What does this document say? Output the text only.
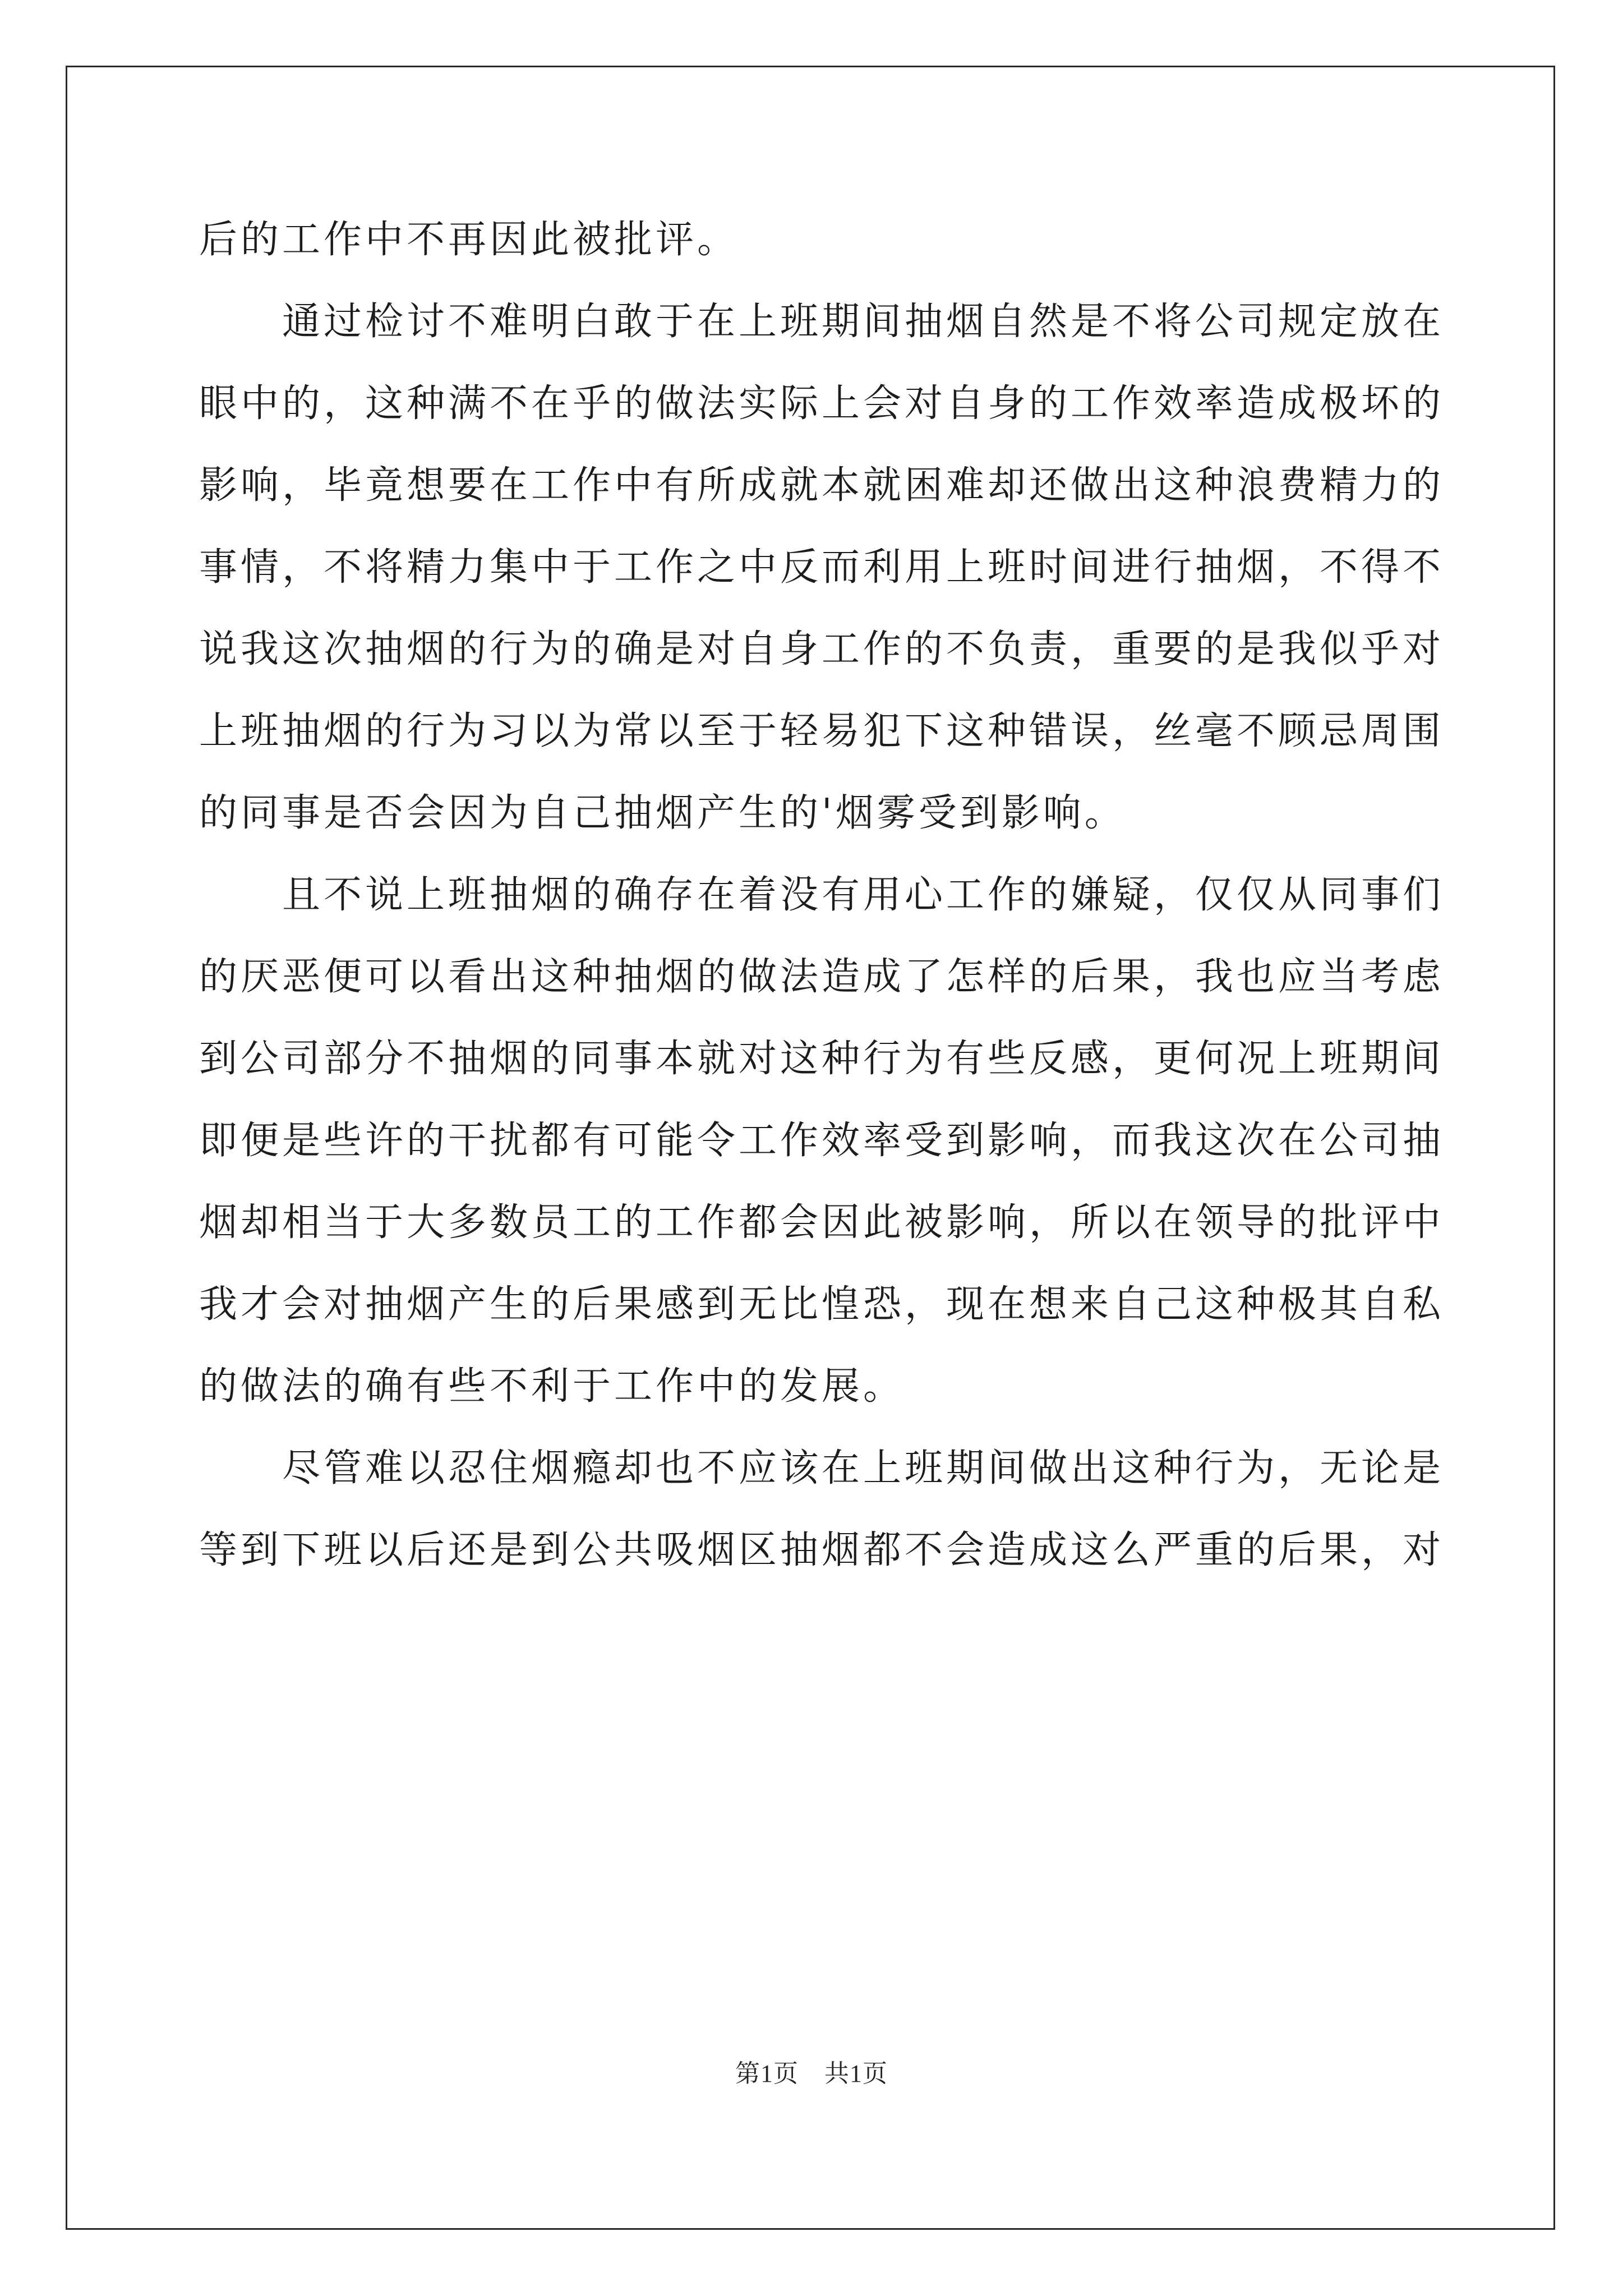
后的工作中不再因此被批评。

通过检讨不难明白敢于在上班期间抽烟自然是不将公司规定放在

眼中的，这种满不在乎的做法实际上会对自身的工作效率造成极坏的

影响，毕竟想要在工作中有所成就本就困难却还做出这种浪费精力的

事情，不将精力集中于工作之中反而利用上班时间进行抽烟，不得不

说我这次抽烟的行为的确是对自身工作的不负责，重要的是我似乎对

上班抽烟的行为习以为常以至于轻易犯下这种错误，丝毫不顾忌周围

的同事是否会因为自己抽烟产生的'烟雾受到影响。

且不说上班抽烟的确存在着没有用心工作的嫌疑，仅仅从同事们

的厌恶便可以看出这种抽烟的做法造成了怎样的后果，我也应当考虑

到公司部分不抽烟的同事本就对这种行为有些反感，更何况上班期间

即便是些许的干扰都有可能令工作效率受到影响，而我这次在公司抽

烟却相当于大多数员工的工作都会因此被影响，所以在领导的批评中

我才会对抽烟产生的后果感到无比惶恐，现在想来自己这种极其自私

的做法的确有些不利于工作中的发展。

尽管难以忍住烟瘾却也不应该在上班期间做出这种行为，无论是

等到下班以后还是到公共吸烟区抽烟都不会造成这么严重的后果，对

第1页 共1页
